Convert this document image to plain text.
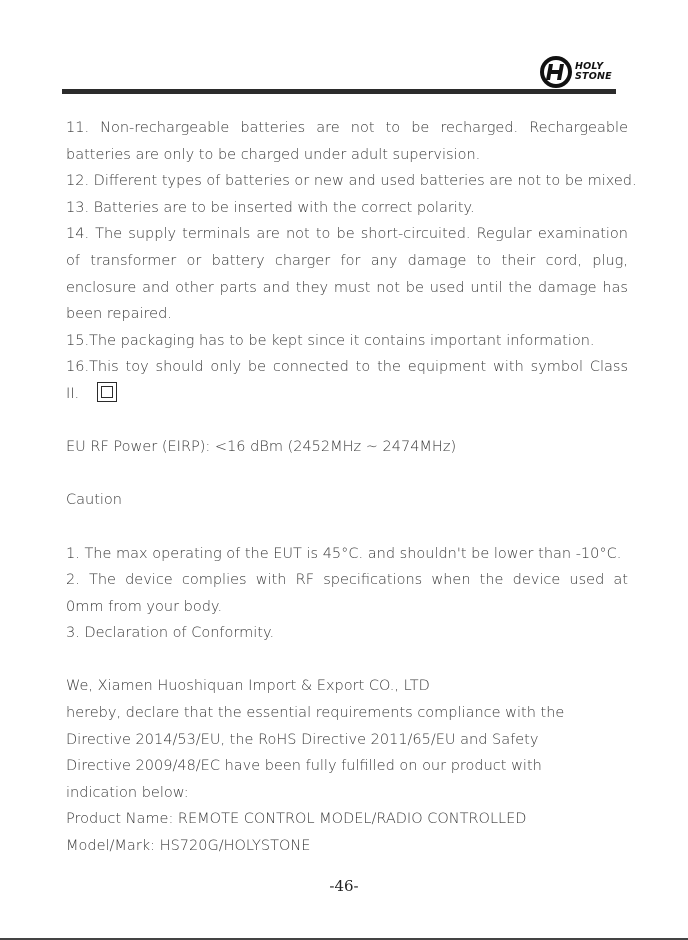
HOLY
STONE
11. Non-rechargeable batteries are not to be recharged. Rechargeable
batteries are only to be charged under adult supervision.
12. Different types of batteries or new and used batteries are not to be mixed.
13. Batteries are to be inserted with the correct polarity.
14. The supply terminals are not to be short-circuited. Regular examination
of transformer or battery charger for any damage to their cord, plug,
enclosure and other parts and they must not be used until the damage has
been repaired.
15.The packaging has to be kept since it contains important information.
16.This toy should only be connected to the equipment with symbol Class
II.
EU RF Power (EIRP): <16 dBm (2452MHz ~ 2474MHz)
Caution
1. The max operating of the EUT is 45°C. and shouldn't be lower than -10°C.
2. The device complies with RF specifications when the device used at
0mm from your body.
3. Declaration of Conformity.
We, Xiamen Huoshiquan Import & Export CO., LTD
hereby, declare that the essential requirements compliance with the
Directive 2014/53/EU, the RoHS Directive 2011/65/EU and Safety
Directive 2009/48/EC have been fully fulfilled on our product with
indication below:
Product Name: REMOTE CONTROL MODEL/RADIO CONTROLLED
Model/Mark: HS720G/HOLYSTONE
-46-
